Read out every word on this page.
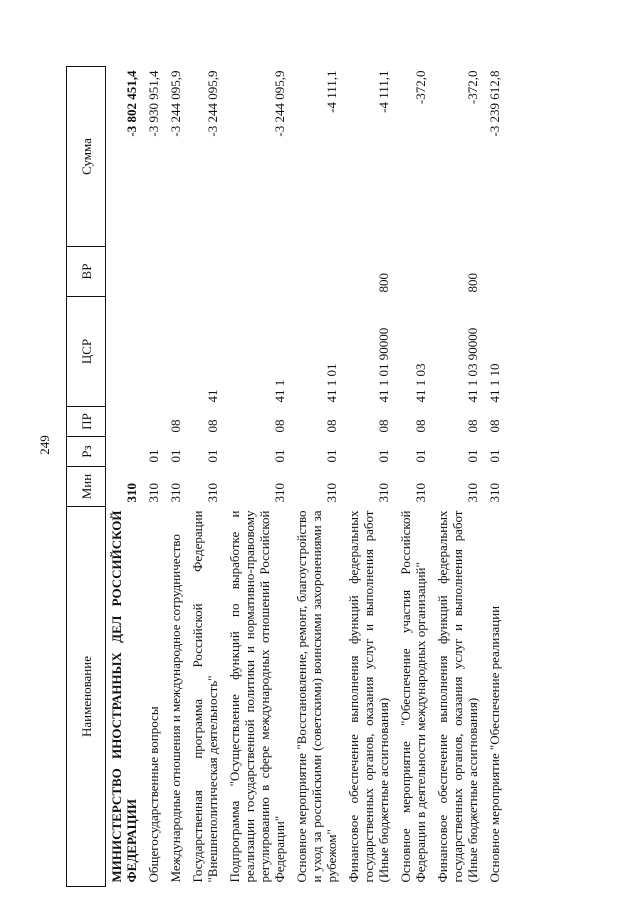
249
Наименование	Мин	Рз	ПР	ЦСР	ВР	Сумма
МИНИСТЕРСТВО ИНОСТРАННЫХ ДЕЛ РОССИЙСКОЙ ФЕДЕРАЦИИ	310					-3 802 451,4
Общегосударственные вопросы	310	01				-3 930 951,4
Международные отношения и международное сотрудничество	310	01	08			-3 244 095,9
Государственная программа Российской Федерации "Внешнеполитическая деятельность"	310	01	08	41		-3 244 095,9
Подпрограмма "Осуществление функций по выработке и реализации государственной политики и нормативно-правовому регулированию в сфере международных отношений Российской Федерации"	310	01	08	41 1		-3 244 095,9
Основное мероприятие "Восстановление, ремонт, благоустройство и уход за российскими (советскими) воинскими захоронениями за рубежом"	310	01	08	41 1 01		-4 111,1
Финансовое обеспечение выполнения функций федеральных государственных органов, оказания услуг и выполнения работ (Иные бюджетные ассигнования)	310	01	08	41 1 01 90000	800	-4 111,1
Основное мероприятие "Обеспечение участия Российской Федерации в деятельности международных организаций"	310	01	08	41 1 03		-372,0
Финансовое обеспечение выполнения функций федеральных государственных органов, оказания услуг и выполнения работ (Иные бюджетные ассигнования)	310	01	08	41 1 03 90000	800	-372,0
Основное мероприятие "Обеспечение реализации	310	01	08	41 1 10		-3 239 612,8
